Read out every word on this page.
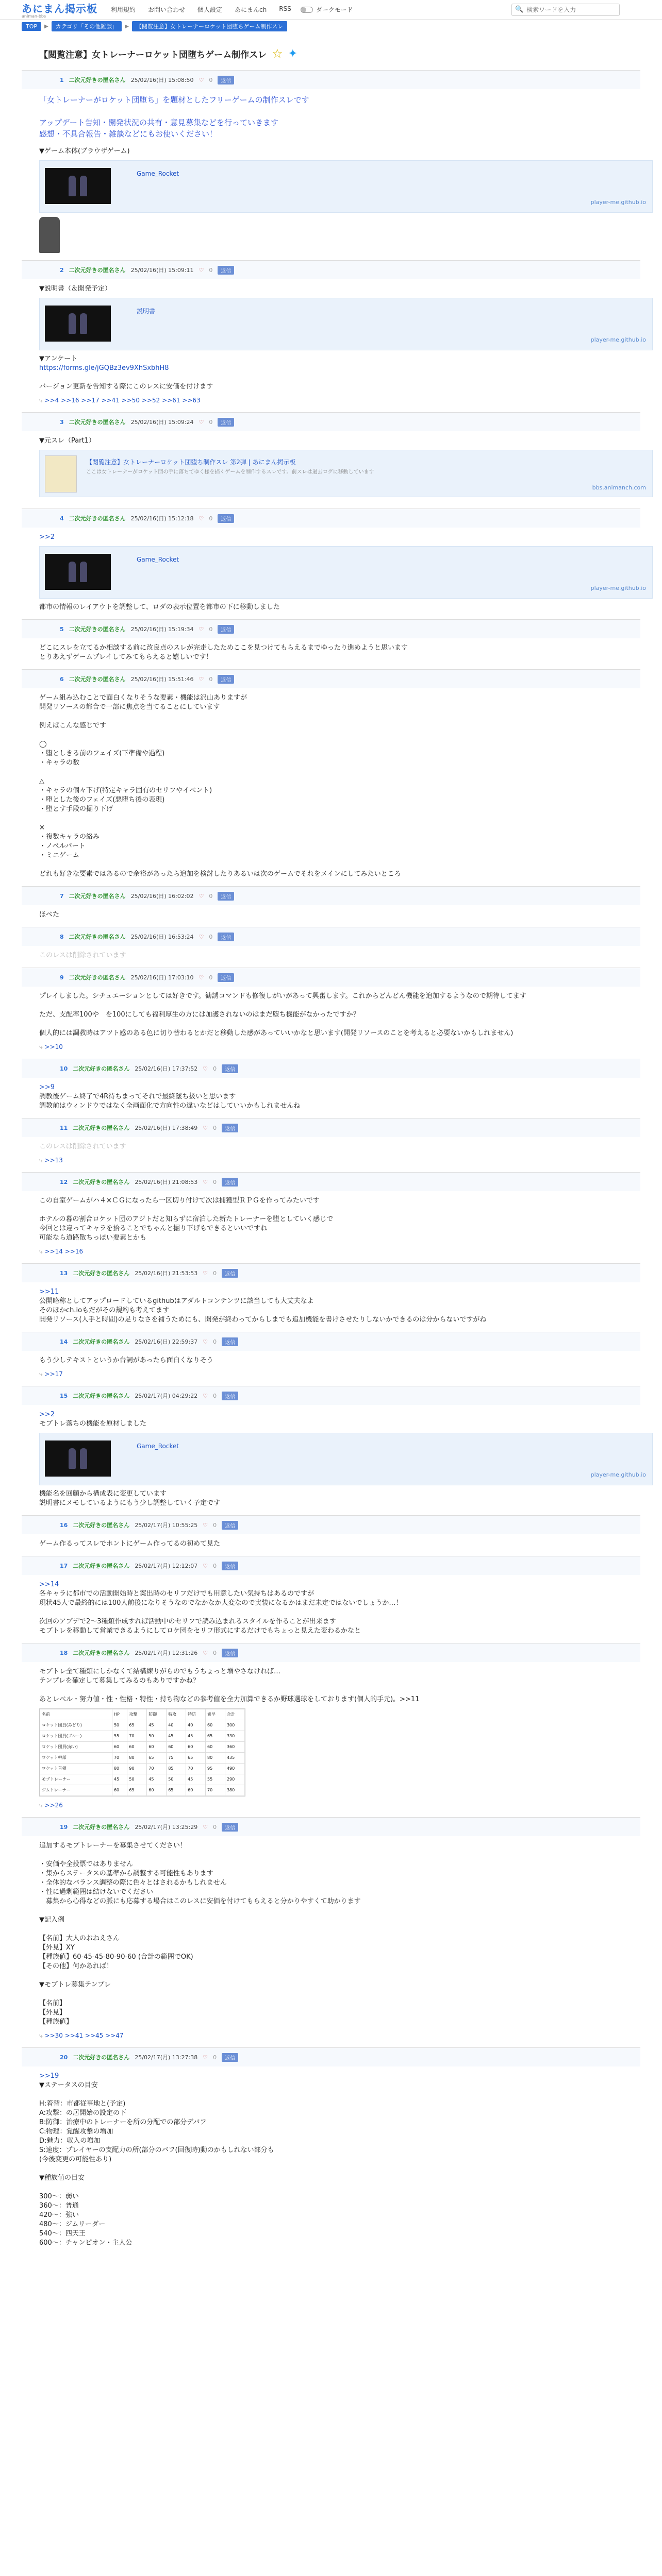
あにまん掲示板
animan-bbs
利用規約 お問い合わせ 個人設定 あにまんch RSS	ダークモード	🔍
検索ワードを入力
TOP	▶	カテゴリ「その他雑談」	▶	【閲覧注意】女トレーナーロケット団堕ちゲーム制作スレ
【閲覧注意】女トレーナーロケット団堕ちゲーム制作スレ ☆ ✦
1 二次元好きの匿名さん 25/02/16(日) 15:08:50 ♡ 0	返信

「女トレーナーがロケット団堕ち」を題材としたフリーゲームの制作スレです

アップデート告知・開発状況の共有・意見募集などを行っていきます

感想・不具合報告・雑談などにもお使いください！

▼ゲーム本体(ブラウザゲーム)

Game_Rocket
player-me.github.io
2 二次元好きの匿名さん 25/02/16(日) 15:09:11 ♡ 0	返信

▼説明書（＆開発予定）

説明書
player-me.github.io

▼アンケート

https://forms.gle/jGQBz3ev9XhSxbhH8

バージョン更新を告知する際にこのレスに安価を付けます

⤷ >>4 >>16 >>17 >>41 >>50 >>52 >>61 >>63
3 二次元好きの匿名さん 25/02/16(日) 15:09:24 ♡ 0	返信

▼元スレ（Part1）

【閲覧注意】女トレーナーロケット団堕ち制作スレ 第2弾 | あにまん掲示板
ここは女トレーナーがロケット団の手に落ちてゆく様を描くゲームを制作するスレです。前スレは過去ログに移動しています
bbs.animanch.com
4 二次元好きの匿名さん 25/02/16(日) 15:12:18 ♡ 0	返信

>>2

Game_Rocket
player-me.github.io

都市の情報のレイアウトを調整して、ロダの表示位置を都市の下に移動しました

5 二次元好きの匿名さん 25/02/16(日) 15:19:34 ♡ 0	返信

どこにスレを立てるか相談する前に改良点のスレが完走したためここを見つけてもらえるまでゆったり進めようと思います

とりあえずゲームプレイしてみてもらえると嬉しいです！

6 二次元好きの匿名さん 25/02/16(日) 15:51:46 ♡ 0	返信

ゲーム組み込むことで面白くなりそうな要素・機能は沢山ありますが

開発リソースの都合で一部に焦点を当てることにしています

例えばこんな感じです

◯

・堕としきる前のフェイズ(下準備や過程)

・キャラの数

△

・キャラの個々下げ(特定キャラ固有のセリフやイベント)

・堕とした後のフェイズ(悪堕ち後の表現)

・堕とす手段の掘り下げ

×

・複数キャラの絡み

・ノベルパート

・ミニゲーム

どれも好きな要素ではあるので余裕があったら追加を検討したりあるいは次のゲームでそれをメインにしてみたいところ

7 二次元好きの匿名さん 25/02/16(日) 16:02:02 ♡ 0	返信

ほべた

8 二次元好きの匿名さん 25/02/16(日) 16:53:24 ♡ 0	返信

このレスは削除されています

9 二次元好きの匿名さん 25/02/16(日) 17:03:10 ♡ 0	返信

プレイしました。シチュエーションとしては好きです。勧誘コマンドも修復しがいがあって興奮します。これからどんどん機能を追加するようなので期待してます

ただ、支配率100や　を100にしても福利厚生の方には加護されないのはまだ堕ち機能がなかったですか？

個人的には調教時はアツト感のある色に切り替わるとかだと移動した感があっていいかなと思います(開発リソースのことを考えると必要ないかもしれません)

⤷ >>10
10 二次元好きの匿名さん 25/02/16(日) 17:37:52 ♡ 0	返信

>>9

調教後ゲーム終了で4R待ちまってそれで最終墜ち扱いと思います

調教前はウィンドウではなく全画面化で方向性の違いなどはしていいかもしれませんね

11 二次元好きの匿名さん 25/02/16(日) 17:38:49 ♡ 0	返信

このレスは削除されています

⤷ >>13
12 二次元好きの匿名さん 25/02/16(日) 21:08:53 ♡ 0	返信

この自室ゲームがハ４×ＣＧになったら一区切り付けて次は捕獲型ＲＰＧを作ってみたいです

ホテルの暮の割合ロケット団のアジトだと知らずに宿泊した新たトレーナーを堕としていく感じで

今回とは違ってキャラを拾ることでちゃんと掘り下げもできるといいですね

可能なら道路散ちっぽい要素とかも

⤷ >>14 >>16
13 二次元好きの匿名さん 25/02/16(日) 21:53:53 ♡ 0	返信

>>11

公開略称としてアップロードしているgithubはアダルトコンテンツに該当しても大丈夫なよ

そのほかch.ioもだがその規約も考えてます

開発リソース(人手と時間)の足りなさを補うためにも、開発が終わってからしまでも追加機能を書けさせたりしないかできるのは分からないですがね

14 二次元好きの匿名さん 25/02/16(日) 22:59:37 ♡ 0	返信

もう少しテキストというか台詞があったら面白くなりそう

⤷ >>17
15 二次元好きの匿名さん 25/02/17(月) 04:29:22 ♡ 0	返信

>>2

モブトレ落ちの機能を原材しました

Game_Rocket
player-me.github.io

機能名を回顧から構成表に変更しています

説明書にメモしているようにもう少し調整していく予定です

16 二次元好きの匿名さん 25/02/17(月) 10:55:25 ♡ 0	返信

ゲーム作るってスレでホントにゲーム作ってるの初めて見た

17 二次元好きの匿名さん 25/02/17(月) 12:12:07 ♡ 0	返信

>>14

各キャラに都市での活動開始時と案出時のセリフだけでも用意したい気持ちはあるのですが

現状45人で最終的には100人前後になりそうなのでなかなか大変なので実装になるかはまだ未定ではないでしょうか…！

次回のアプデで2〜3種類作成すれば活動中のセリフで読み込まれるスタイルを作ることが出来ます

モブトレを移動して営業できるようにしてロケ団をセリフ形式にするだけでもちょっと見えた変わるかなと

18 二次元好きの匿名さん 25/02/17(月) 12:31:26 ♡ 0	返信

モブトレ全て種類にしかなくて結構練りがらのでもうちょっと増やさなければ…

テンプレを確定して募集してみるのもありですかね？

あとレベル・努力値・性・性格・特性・持ち物などの参考値を全力加算できるか野球選球をしております(個人的手元)。>>11

名前	HP	攻撃	防御	特攻	特防	素早	合計
ロケット団員(みどり)	50	65	45	40	40	60	300
ロケット団員(ブルー)	55	70	50	45	45	65	330
ロケット団員(赤い)	60	60	60	60	60	60	360
ロケット幹部	70	80	65	75	65	80	435
ロケット首領	80	90	70	85	70	95	490
モブトレーナー	45	50	45	50	45	55	290
ジムトレーナー	60	65	60	65	60	70	380
⤷ >>26
19 二次元好きの匿名さん 25/02/17(月) 13:25:29 ♡ 0	返信

追加するモブトレーナーを募集させてください！

・安価や全投票ではありません

・集からステータスの基準から調整する可能性もあります

・全体的なバランス調整の際に色々とはされるかもしれません

・性に過剰範囲は結けないでください

　募集から心得などの脈にも応募する場合はこのレスに安価を付けてもらえると分かりやすくて助かります

▼記入例

【名前】大人のおねえさん

【外見】XY

【種族値】60-45-45-80-90-60 (合計の範囲でOK)

【その他】何かあれば！

▼モブトレ募集テンプレ

【名前】

【外見】

【種族値】

⤷ >>30 >>41 >>45 >>47
20 二次元好きの匿名さん 25/02/17(月) 13:27:38 ♡ 0	返信

>>19

▼ステータスの目安

H:着替：市都従事地と(予定)

A:攻撃：の居開始の設定の下

B:防御：治療中のトレーナーを所の分配での部分デバフ

C:物理：覚醒攻撃の増加

D:魅力：収入の増加

S:速度：プレイヤーの支配力の所(部分のバフ(回復時)動のかもしれない部分も

(今後変更の可能性あり)

▼種族値の目安

300〜：弱い

360〜：普通

420〜：強い

480〜：ジムリーダー

540〜：四天王

600〜：チャンピオン・主人公
